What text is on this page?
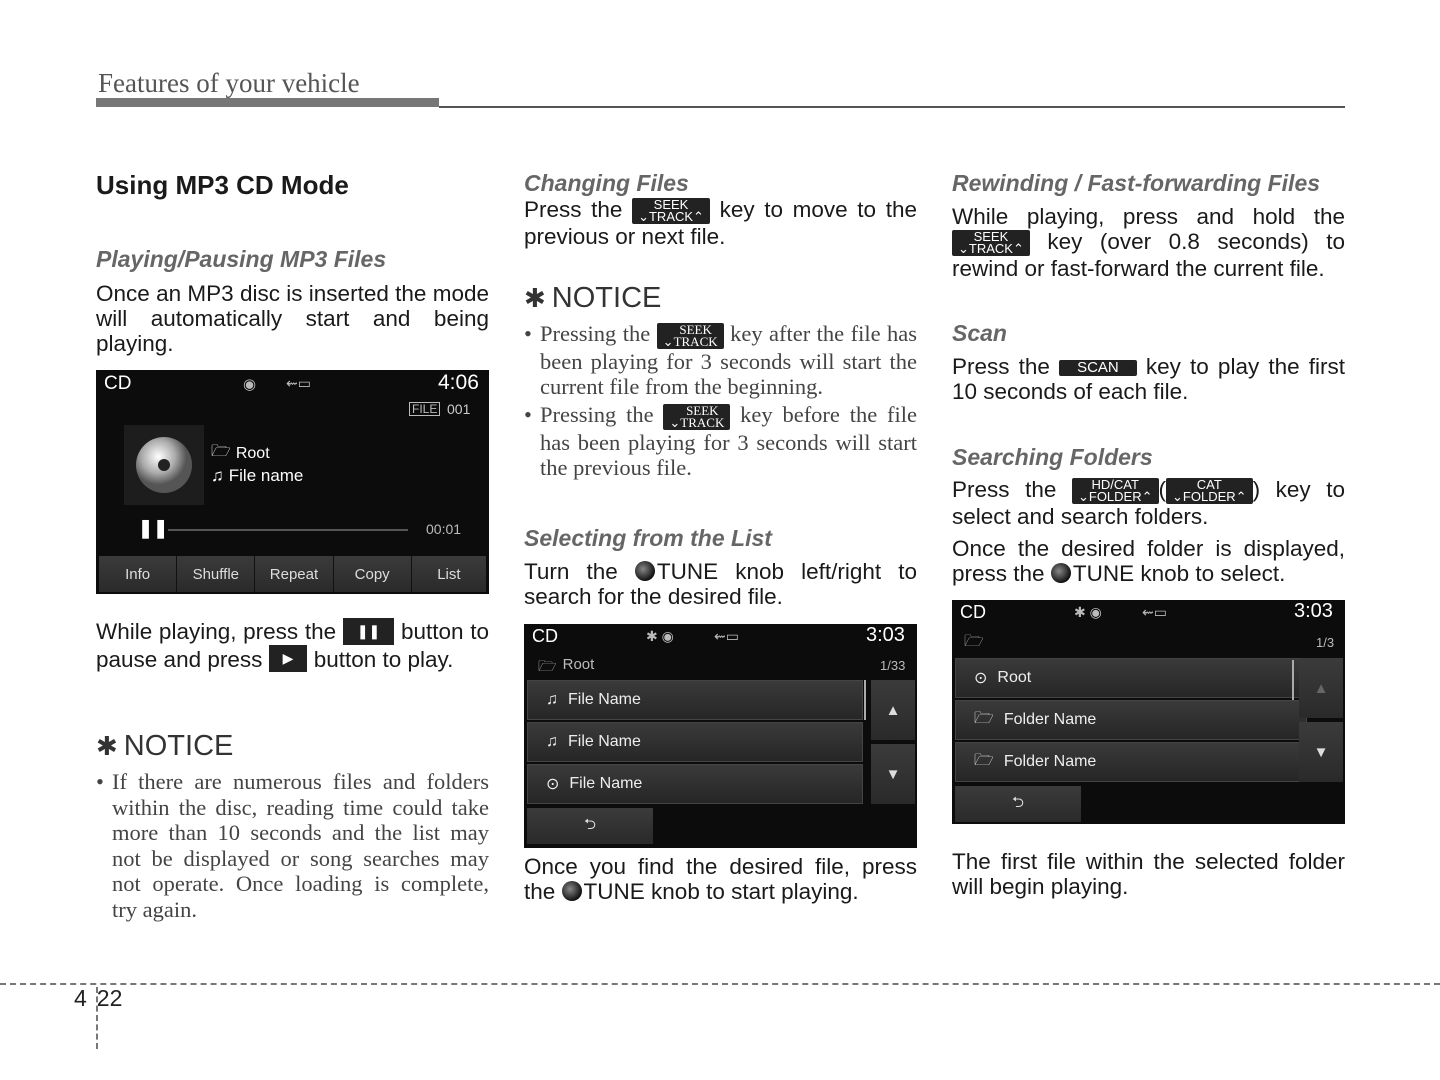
Features of your vehicle
Using MP3 CD Mode
Playing/Pausing MP3 Files
Once an MP3 disc is inserted the mode will automatically start and being playing.
CD	◉ ⇜▭	4:06
FILE 001
🗁 Root
♫ File name
❚❚	00:01
Info	Shuffle	Repeat	Copy	List
While playing, press the ❚❚ button to pause and press ▶ button to play.
✱ NOTICE
• If there are numerous files and folders within the disc, reading time could take more than 10 seconds and the list may not be displayed or song searches may not operate. Once loading is complete, try again.
Changing Files
Press the ⌄SEEK
TRACK⌃ key to move to the previous or next file.
✱ NOTICE
• Pressing the ⌄SEEK
TRACK key after the file has been playing for 3 seconds will start the current file from the beginning.
• Pressing the ⌄SEEK
TRACK key before the file has been playing for 3 seconds will start the previous file.
Selecting from the List
Turn the TUNE knob left/right to search for the desired file.
CD	✱ ◉	⇜▭	3:03
🗁 Root	1/33
♫ File Name
♫ File Name
⊙ File Name
▲
▼
⮌
Once you find the desired file, press the TUNE knob to start playing.
Rewinding / Fast-forwarding Files
While playing, press and hold the ⌄SEEK
TRACK⌃ key (over 0.8 seconds) to rewind or fast-forward the current file.
Scan
Press the SCAN key to play the first 10 seconds of each file.
Searching Folders
Press the ⌄HD/CAT
FOLDER⌃ ( ⌄CAT
FOLDER⌃ ) key to select and search folders.
Once the desired folder is displayed, press the TUNE knob to select.
CD	✱ ◉	⇜▭	3:03
🗁	1/3
⊙ Root
🗁 Folder Name
🗁 Folder Name
▲
▼
⮌
The first file within the selected folder will begin playing.
4 22
